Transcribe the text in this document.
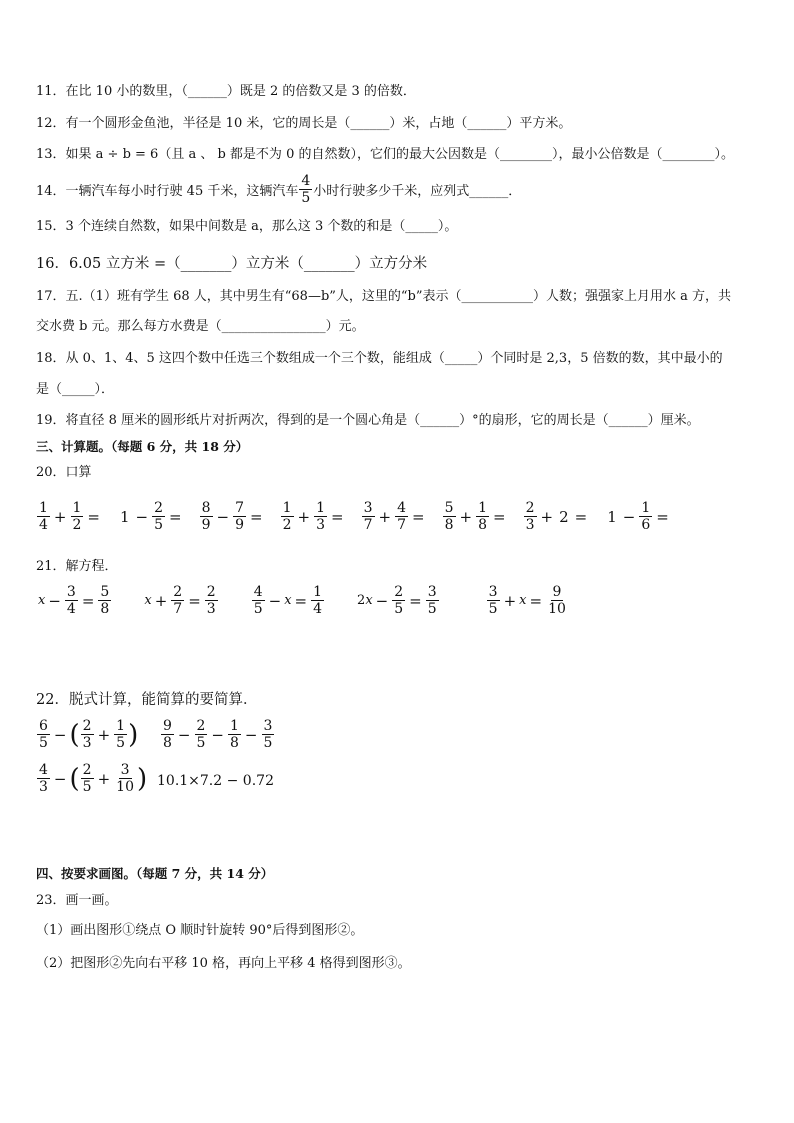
11．在比 10 小的数里，（______）既是 2 的倍数又是 3 的倍数．
12．有一个圆形金鱼池，半径是 10 米，它的周长是（______）米，占地（______）平方米。
13．如果 a ÷ b = 6（且 a 、 b 都是不为 0 的自然数），它们的最大公因数是（________），最小公倍数是（________）。
14．一辆汽车每小时行驶 45 千米，这辆汽车 $\frac{4}{5}$ 小时行驶多少千米，应列式______．
15．3 个连续自然数，如果中间数是 a，那么这 3 个数的和是（_____）。
16．6.05 立方米 =（_______）立方米（_______）立方分米
17．五.（1）班有学生 68 人，其中男生有“68—b”人，这里的“b”表示（___________）人数；强强家上月用水 a 方，共
交水费 b 元。那么每方水费是（________________）元。
18．从 0、1、4、5 这四个数中任选三个数组成一个三个数，能组成（_____）个同时是 2,3，5 倍数的数，其中最小的
是（_____）．
19．将直径 8 厘米的圆形纸片对折两次，得到的是一个圆心角是（______）°的扇形，它的周长是（______）厘米。
三、计算题。（每题 6 分，共 18 分）
20．口算
$\frac{1}{4} + \frac{1}{2} = 1 - \frac{2}{5} = \frac{8}{9} - \frac{7}{9} = \frac{1}{2} + \frac{1}{3} = \frac{3}{7} + \frac{4}{7} = \frac{5}{8} + \frac{1}{8} = \frac{2}{3} + 2 = 1 - \frac{1}{6}$ =
21．解方程．
$x - \frac{3}{4} = \frac{5}{8}$	$x + \frac{2}{7} = \frac{2}{3} \frac{4}{5} - x = \frac{1}{4}$	2 $x - \frac{2}{5} = \frac{3}{5}$	$\frac{3}{5} + x = \frac{9}{10}$
22．脱式计算，能简算的要简算．
$\frac{6}{5}$ − ( $\frac{2}{3} + \frac{1}{5}$ ) $\frac{9}{8} - \frac{2}{5} - \frac{1}{8} - \frac{3}{5}$
$\frac{4}{3}$ − ( $\frac{2}{5} + \frac{3}{10}$ ) 10.1×7.2 − 0.72
四、按要求画图。（每题 7 分，共 14 分）
23．画一画。
（1）画出图形①绕点 O 顺时针旋转 90°后得到图形②。
（2）把图形②先向右平移 10 格，再向上平移 4 格得到图形③。
